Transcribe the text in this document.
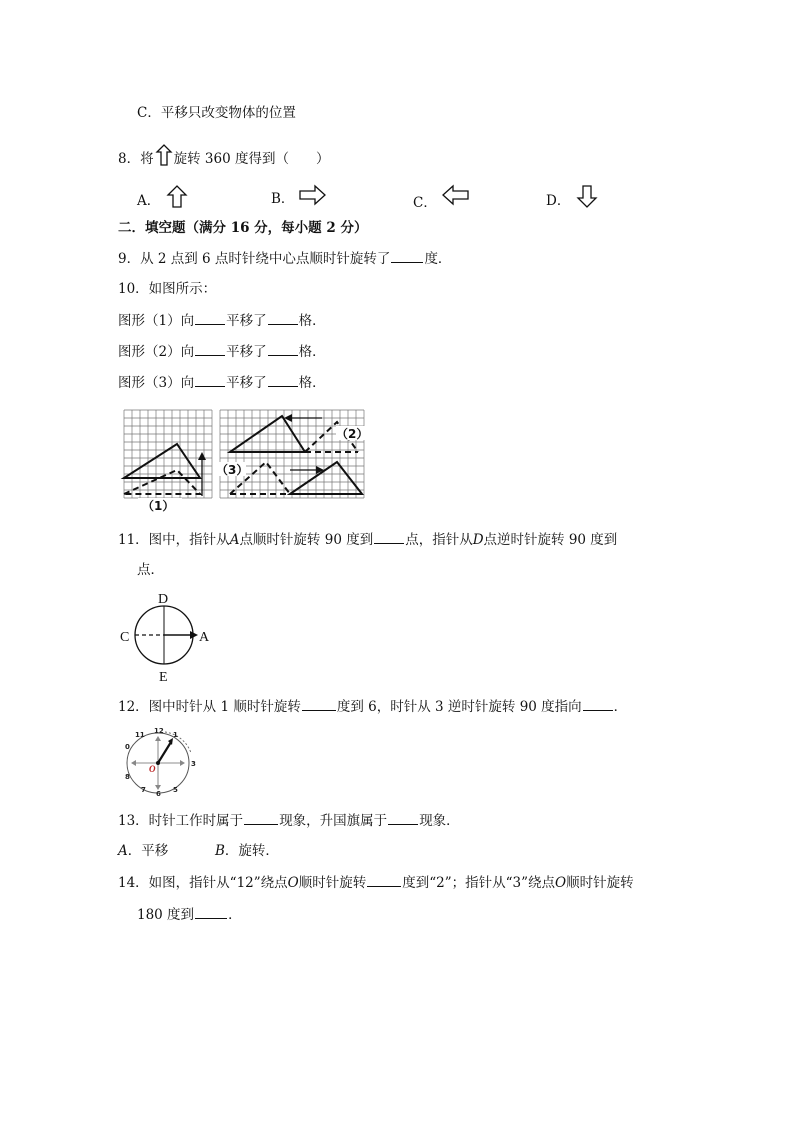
C．平移只改变物体的位置
8．将 旋转 360 度得到（　　）
A．	B．	C．	D．
二．填空题（满分 16 分，每小题 2 分）
9．从 2 点到 6 点时针绕中心点顺时针旋转了	度．
10．如图所示：
图形（1）向 平移了 格．
图形（2）向 平移了 格．
图形（3）向 平移了 格．
（1）
（2）
（3）
11．图中，指针从A点顺时针旋转 90 度到 点，指针从D点逆时针旋转 90 度到
点．
D
C	A
E
12．图中时针从 1 顺时针旋转	度到 6，时针从 3 逆时针旋转 90 度指向 ．
O
12
11	1
0
3
8
7 6 5
13．时针工作时属于	现象，升国旗属于 现象．
A．平移	B．旋转．
14．如图，指针从“12”绕点O顺时针旋转	度到“2”；指针从“3”绕点O顺时针旋转
180 度到	．
